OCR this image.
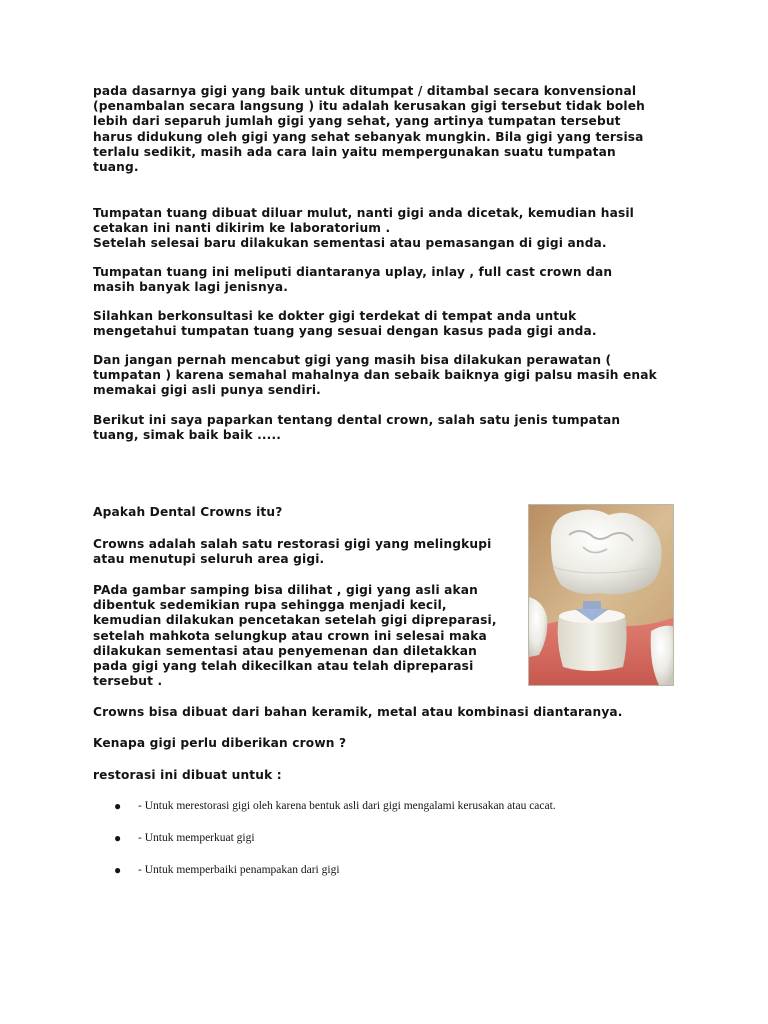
pada dasarnya gigi yang baik untuk ditumpat / ditambal secara konvensional
(penambalan secara langsung ) itu adalah kerusakan gigi tersebut tidak boleh
lebih dari separuh jumlah gigi yang sehat, yang artinya tumpatan tersebut
harus didukung oleh gigi yang sehat sebanyak mungkin. Bila gigi yang tersisa
terlalu sedikit, masih ada cara lain yaitu mempergunakan suatu tumpatan
tuang.

Tumpatan tuang dibuat diluar mulut, nanti gigi anda dicetak, kemudian hasil
cetakan ini nanti dikirim ke laboratorium .
Setelah selesai baru dilakukan sementasi atau pemasangan di gigi anda.

Tumpatan tuang ini meliputi diantaranya uplay, inlay , full cast crown dan
masih banyak lagi jenisnya.

Silahkan berkonsultasi ke dokter gigi terdekat di tempat anda untuk
mengetahui tumpatan tuang yang sesuai dengan kasus pada gigi anda.

Dan jangan pernah mencabut gigi yang masih bisa dilakukan perawatan (
tumpatan ) karena semahal mahalnya dan sebaik baiknya gigi palsu masih enak
memakai gigi asli punya sendiri.

Berikut ini saya paparkan tentang dental crown, salah satu jenis tumpatan
tuang, simak baik baik .....

Apakah Dental Crowns itu?

Crowns adalah salah satu restorasi gigi yang melingkupi
atau menutupi seluruh area gigi.

PAda gambar samping bisa dilihat , gigi yang asli akan
dibentuk sedemikian rupa sehingga menjadi kecil,
kemudian dilakukan pencetakan setelah gigi dipreparasi,
setelah mahkota selungkup atau crown ini selesai maka
dilakukan sementasi atau penyemenan dan diletakkan
pada gigi yang telah dikecilkan atau telah dipreparasi
tersebut .

Crowns bisa dibuat dari bahan keramik, metal atau kombinasi diantaranya.

Kenapa gigi perlu diberikan crown ?

restorasi ini dibuat untuk :

● - Untuk merestorasi gigi oleh karena bentuk asli dari gigi mengalami kerusakan atau cacat.
● - Untuk memperkuat gigi
● - Untuk memperbaiki penampakan dari gigi
